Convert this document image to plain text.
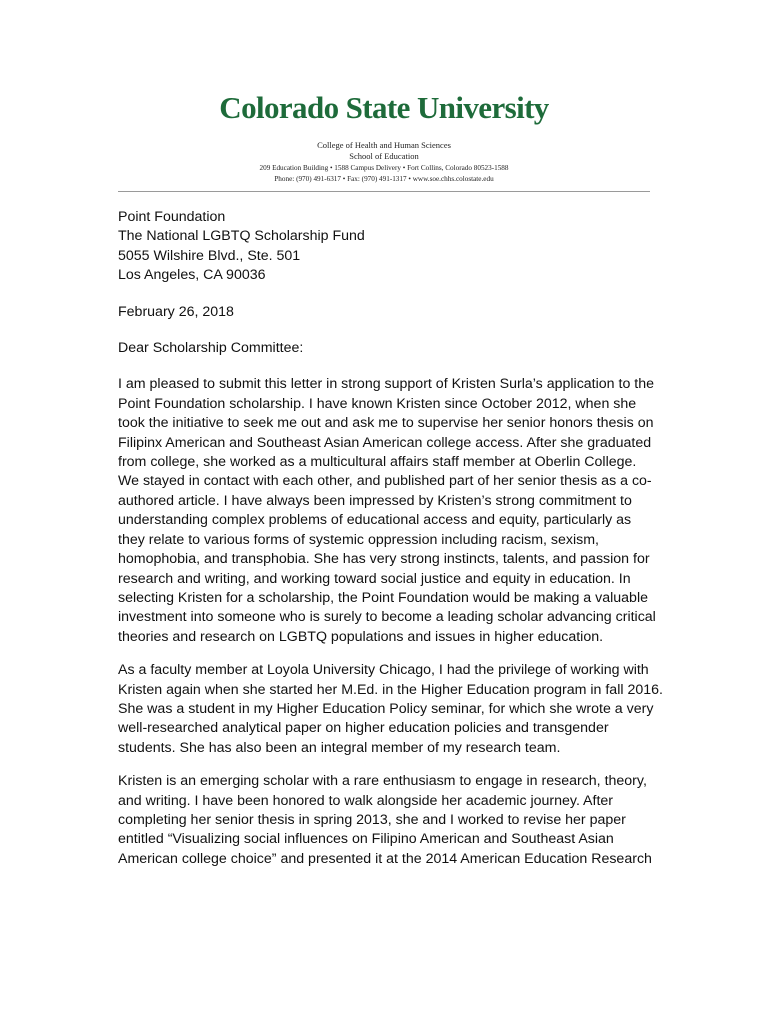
Colorado State University
College of Health and Human Sciences
School of Education
209 Education Building • 1588 Campus Delivery • Fort Collins, Colorado 80523-1588
Phone: (970) 491-6317 • Fax: (970) 491-1317 • www.soe.chhs.colostate.edu
Point Foundation
The National LGBTQ Scholarship Fund
5055 Wilshire Blvd., Ste. 501
Los Angeles, CA 90036
February 26, 2018
Dear Scholarship Committee:
I am pleased to submit this letter in strong support of Kristen Surla’s application to the
Point Foundation scholarship. I have known Kristen since October 2012, when she
took the initiative to seek me out and ask me to supervise her senior honors thesis on
Filipinx American and Southeast Asian American college access. After she graduated
from college, she worked as a multicultural affairs staff member at Oberlin College.
We stayed in contact with each other, and published part of her senior thesis as a co-
authored article. I have always been impressed by Kristen’s strong commitment to
understanding complex problems of educational access and equity, particularly as
they relate to various forms of systemic oppression including racism, sexism,
homophobia, and transphobia. She has very strong instincts, talents, and passion for
research and writing, and working toward social justice and equity in education. In
selecting Kristen for a scholarship, the Point Foundation would be making a valuable
investment into someone who is surely to become a leading scholar advancing critical
theories and research on LGBTQ populations and issues in higher education.
As a faculty member at Loyola University Chicago, I had the privilege of working with
Kristen again when she started her M.Ed. in the Higher Education program in fall 2016.
She was a student in my Higher Education Policy seminar, for which she wrote a very
well-researched analytical paper on higher education policies and transgender
students. She has also been an integral member of my research team.
Kristen is an emerging scholar with a rare enthusiasm to engage in research, theory,
and writing. I have been honored to walk alongside her academic journey. After
completing her senior thesis in spring 2013, she and I worked to revise her paper
entitled “Visualizing social influences on Filipino American and Southeast Asian
American college choice” and presented it at the 2014 American Education Research
